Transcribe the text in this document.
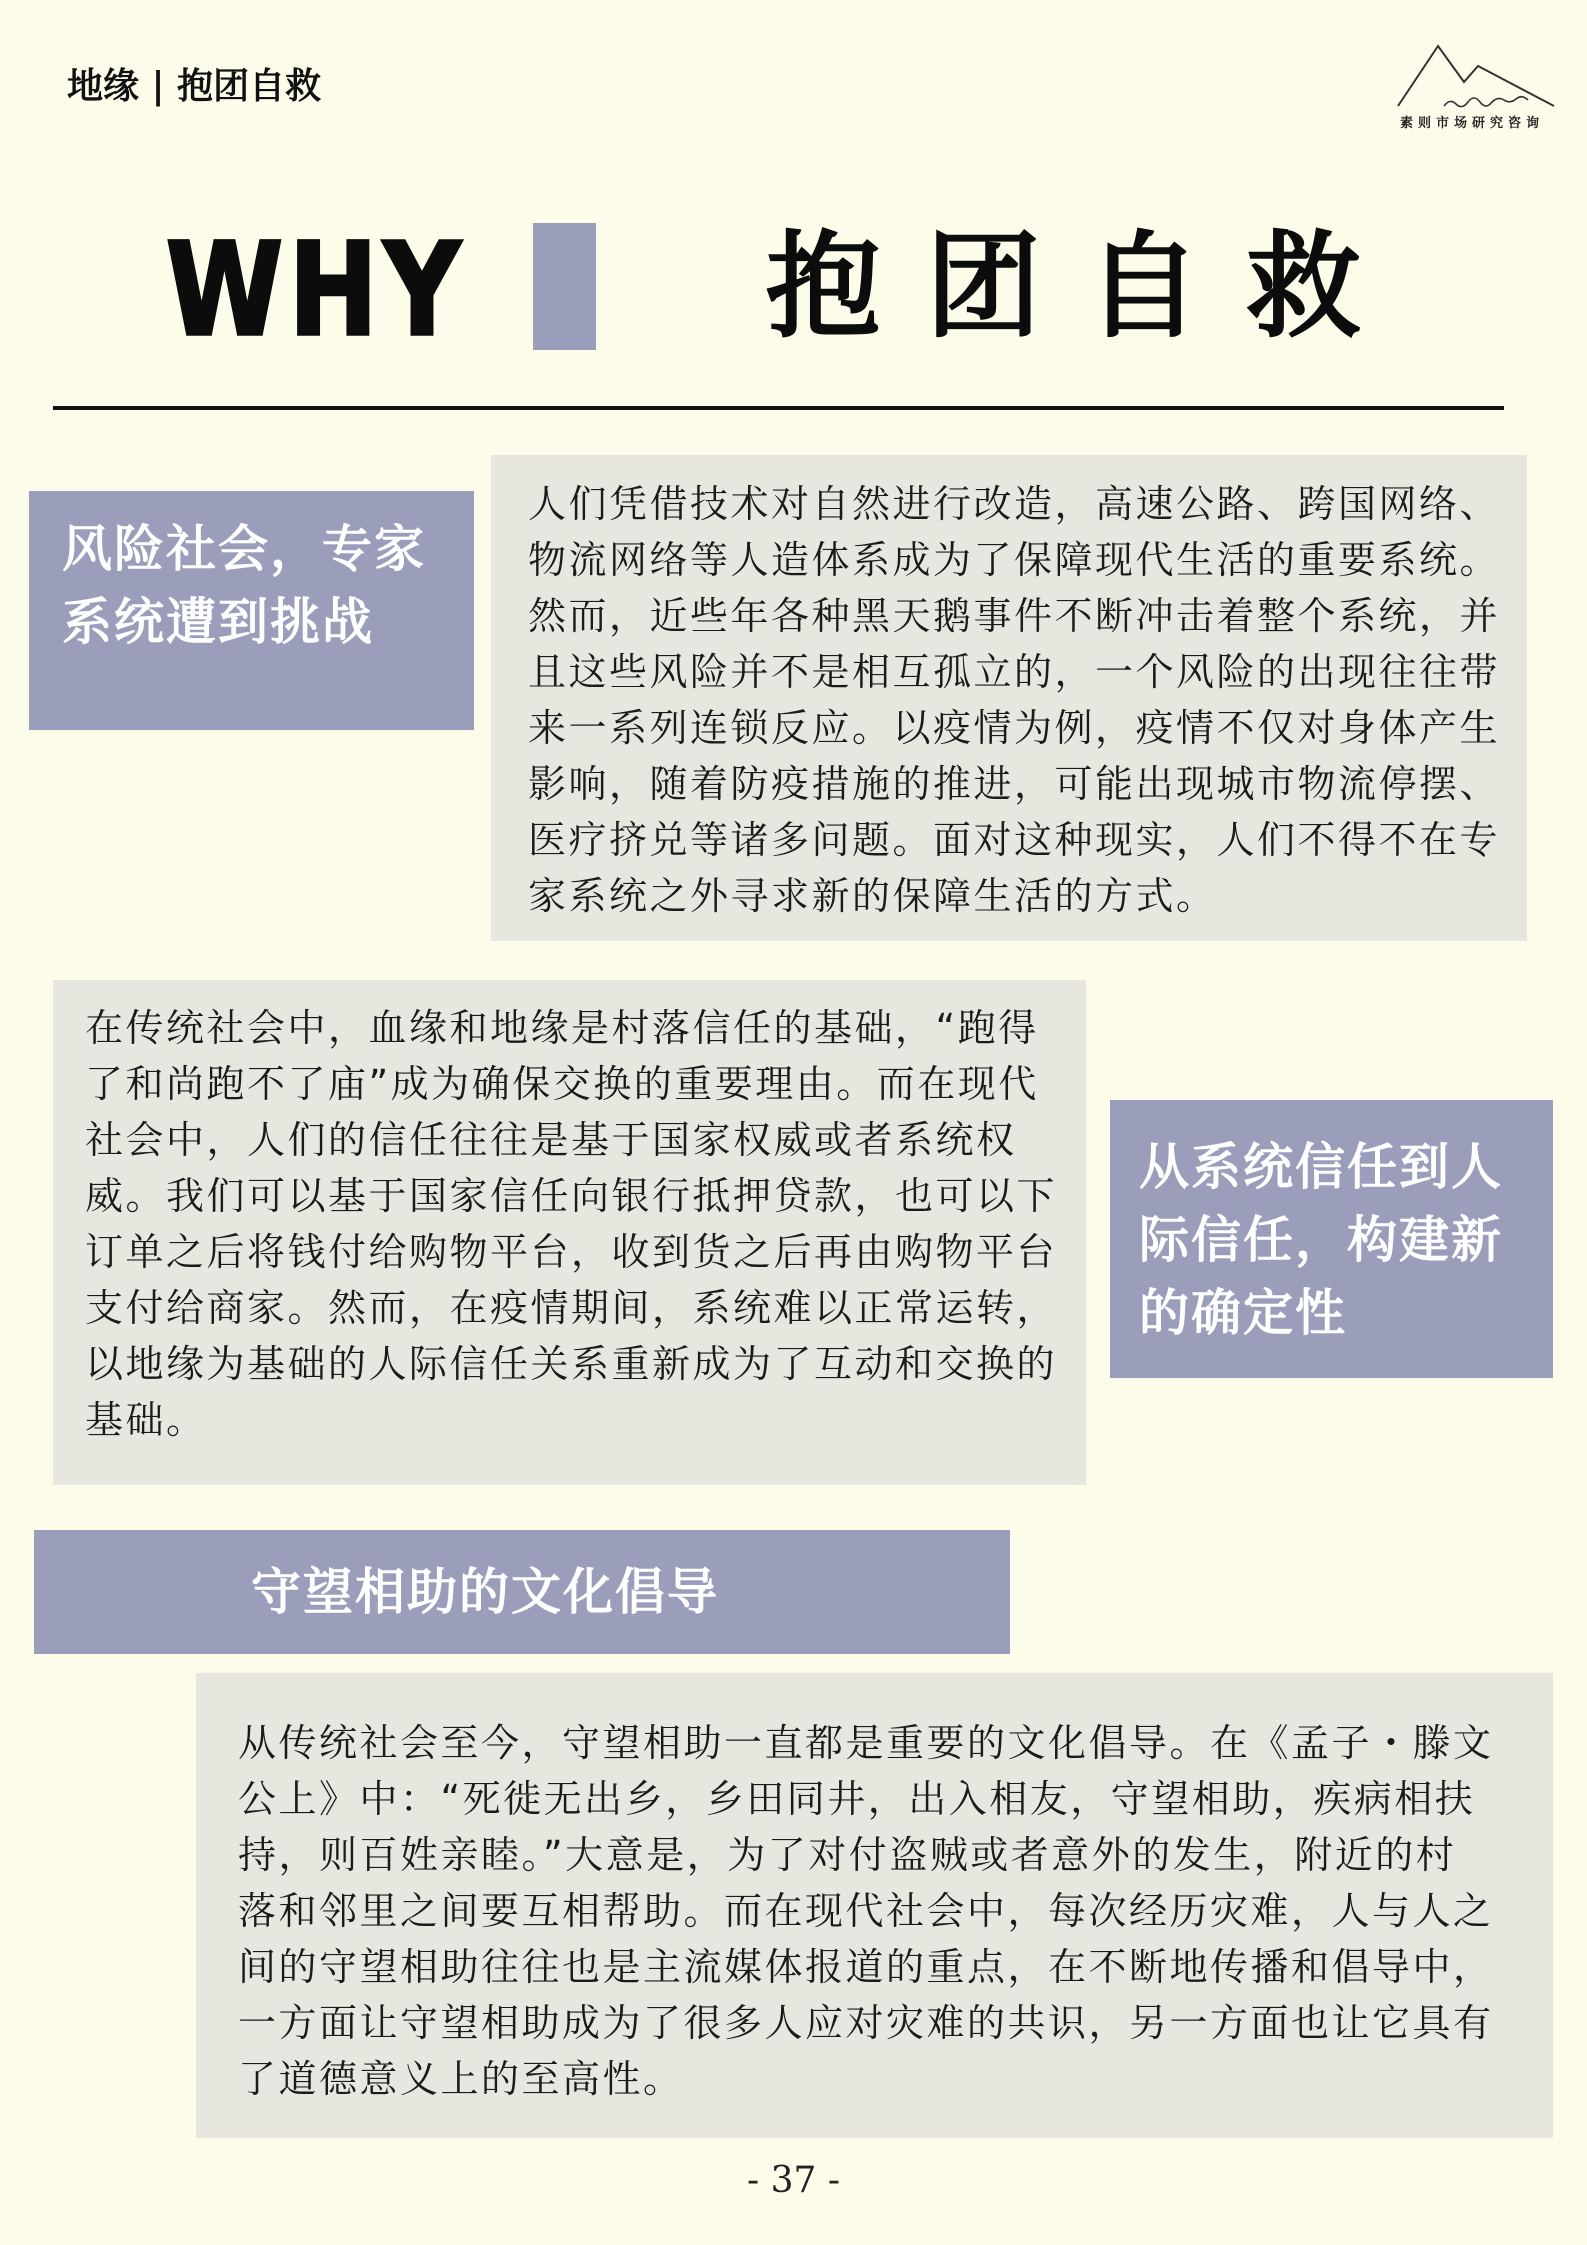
地缘 | 抱团自救
素则市场研究咨询
WHY	抱团自救
人们凭借技术对自然进行改造，高速公路、跨国网络、
物流网络等人造体系成为了保障现代生活的重要系统。
然而，近些年各种黑天鹅事件不断冲击着整个系统，并
且这些风险并不是相互孤立的，一个风险的出现往往带
来一系列连锁反应。以疫情为例，疫情不仅对身体产生
影响，随着防疫措施的推进，可能出现城市物流停摆、
医疗挤兑等诸多问题。面对这种现实，人们不得不在专
家系统之外寻求新的保障生活的方式。
风险社会，专家
系统遭到挑战
在传统社会中，血缘和地缘是村落信任的基础，“跑得
了和尚跑不了庙”成为确保交换的重要理由。而在现代
社会中，人们的信任往往是基于国家权威或者系统权
威。我们可以基于国家信任向银行抵押贷款，也可以下
订单之后将钱付给购物平台，收到货之后再由购物平台
支付给商家。然而，在疫情期间，系统难以正常运转，
以地缘为基础的人际信任关系重新成为了互动和交换的
基础。
从系统信任到人
际信任，构建新
的确定性
守望相助的文化倡导
从传统社会至今，守望相助一直都是重要的文化倡导。在《孟子・滕文
公上》中：“死徙无出乡，乡田同井，出入相友，守望相助，疾病相扶
持，则百姓亲睦。”大意是，为了对付盗贼或者意外的发生，附近的村
落和邻里之间要互相帮助。而在现代社会中，每次经历灾难，人与人之
间的守望相助往往也是主流媒体报道的重点，在不断地传播和倡导中，
一方面让守望相助成为了很多人应对灾难的共识，另一方面也让它具有
了道德意义上的至高性。
- 37 -
